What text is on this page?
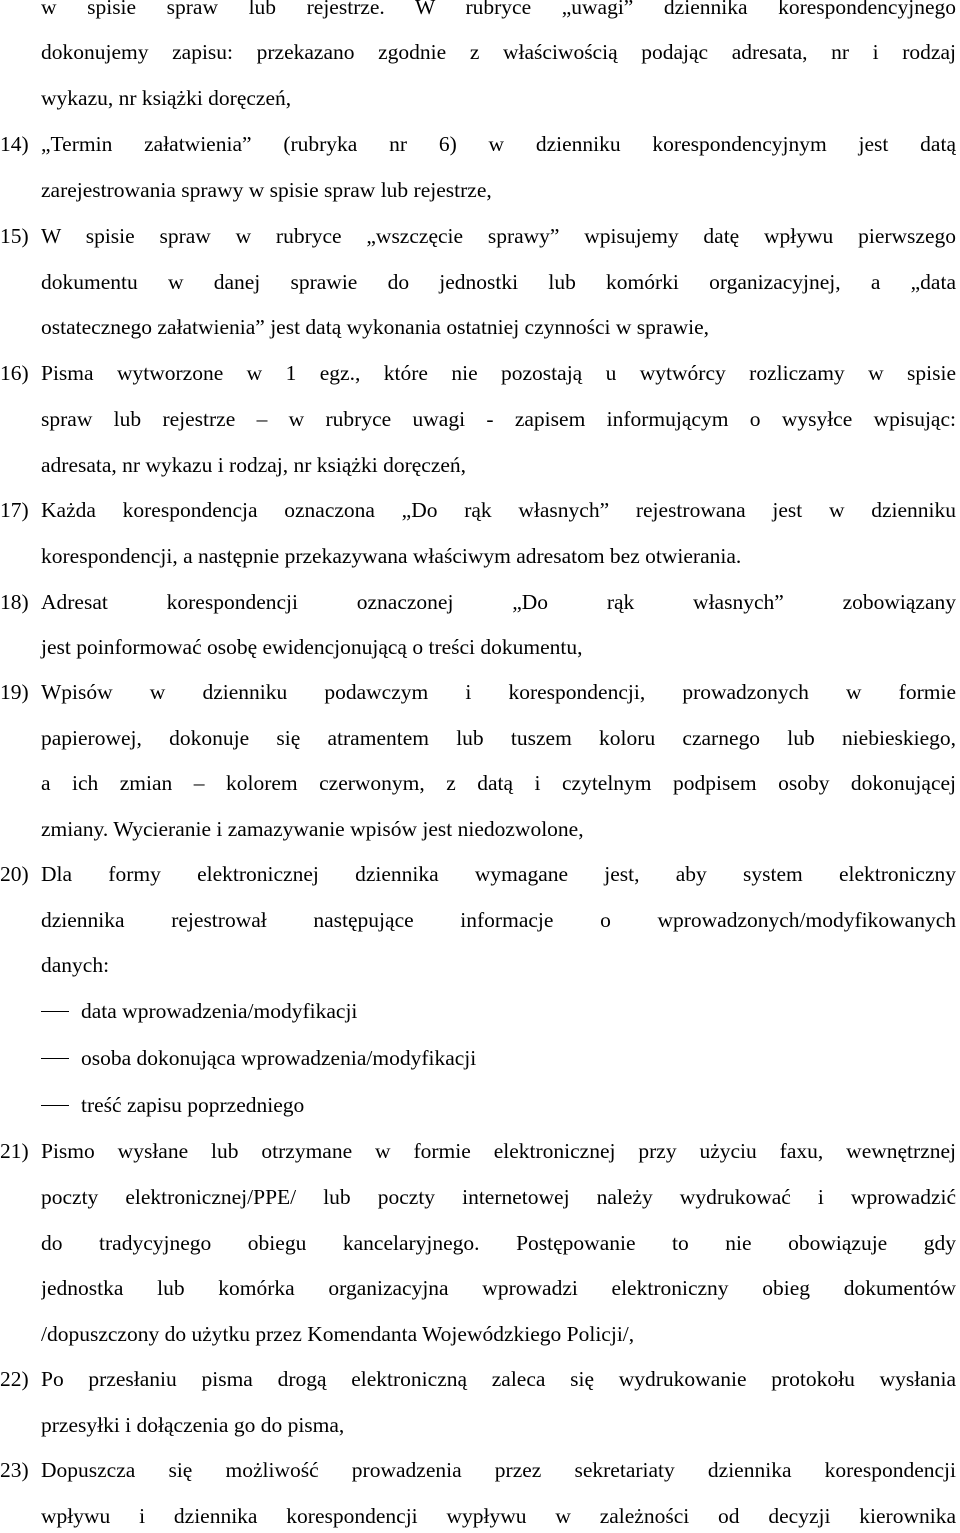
w spisie spraw lub rejestrze. W rubryce „uwagi” dziennika korespondencyjnego
dokonujemy zapisu: przekazano zgodnie z właściwością podając adresata, nr i rodzaj
wykazu, nr książki doręczeń,
14) „Termin załatwienia” (rubryka nr 6) w dzienniku korespondencyjnym jest datą
zarejestrowania sprawy w spisie spraw lub rejestrze,
15) W spisie spraw w rubryce „wszczęcie sprawy” wpisujemy datę wpływu pierwszego
dokumentu w danej sprawie do jednostki lub komórki organizacyjnej, a „data
ostatecznego załatwienia” jest datą wykonania ostatniej czynności w sprawie,
16) Pisma wytworzone w 1 egz., które nie pozostają u wytwórcy rozliczamy w spisie
spraw lub rejestrze – w rubryce uwagi - zapisem informującym o wysyłce wpisując:
adresata, nr wykazu i rodzaj, nr książki doręczeń,
17) Każda korespondencja oznaczona „Do rąk własnych” rejestrowana jest w dzienniku
korespondencji, a następnie przekazywana właściwym adresatom bez otwierania.
18) Adresat korespondencji oznaczonej „Do rąk własnych” zobowiązany
jest poinformować osobę ewidencjonującą o treści dokumentu,
19) Wpisów w dzienniku podawczym i korespondencji, prowadzonych w formie
papierowej, dokonuje się atramentem lub tuszem koloru czarnego lub niebieskiego,
a ich zmian – kolorem czerwonym, z datą i czytelnym podpisem osoby dokonującej
zmiany. Wycieranie i zamazywanie wpisów jest niedozwolone,
20) Dla formy elektronicznej dziennika wymagane jest, aby system elektroniczny
dziennika rejestrował następujące informacje o wprowadzonych/modyfikowanych
danych:
data wprowadzenia/modyfikacji
osoba dokonująca wprowadzenia/modyfikacji
treść zapisu poprzedniego
21) Pismo wysłane lub otrzymane w formie elektronicznej przy użyciu faxu, wewnętrznej
poczty elektronicznej/PPE/ lub poczty internetowej należy wydrukować i wprowadzić
do tradycyjnego obiegu kancelaryjnego. Postępowanie to nie obowiązuje gdy
jednostka lub komórka organizacyjna wprowadzi elektroniczny obieg dokumentów
/dopuszczony do użytku przez Komendanta Wojewódzkiego Policji/,
22) Po przesłaniu pisma drogą elektroniczną zaleca się wydrukowanie protokołu wysłania
przesyłki i dołączenia go do pisma,
23) Dopuszcza się możliwość prowadzenia przez sekretariaty dziennika korespondencji
wpływu i dziennika korespondencji wypływu w zależności od decyzji kierownika
